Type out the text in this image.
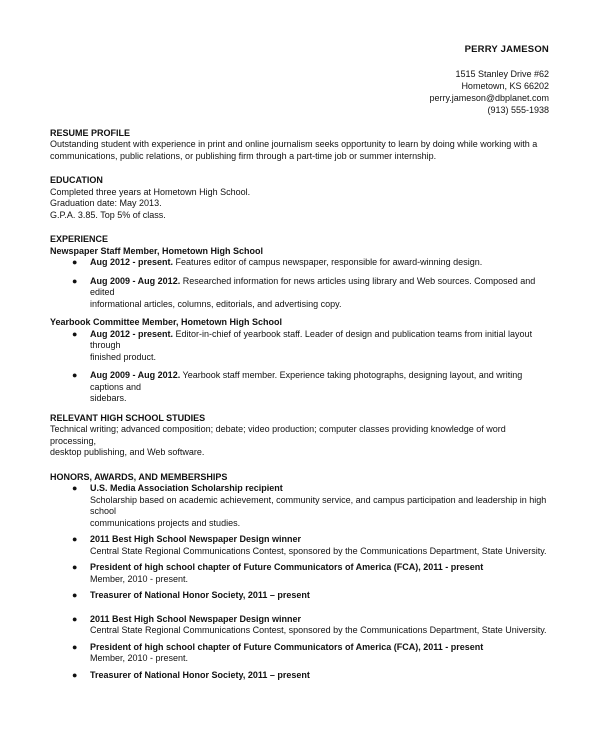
PERRY JAMESON
1515 Stanley Drive #62
Hometown, KS 66202
perry.jameson@dbplanet.com
(913) 555-1938
RESUME PROFILE
Outstanding student with experience in print and online journalism seeks opportunity to learn by doing while working with a
communications, public relations, or publishing firm through a part-time job or summer internship.
EDUCATION
Completed three years at Hometown High School.
Graduation date: May 2013.
G.P.A. 3.85. Top 5% of class.
EXPERIENCE
Newspaper Staff Member, Hometown High School
● Aug 2012 - present. Features editor of campus newspaper, responsible for award-winning design.
● Aug 2009 - Aug 2012. Researched information for news articles using library and Web sources. Composed and edited
informational articles, columns, editorials, and advertising copy.
Yearbook Committee Member, Hometown High School
● Aug 2012 - present. Editor-in-chief of yearbook staff. Leader of design and publication teams from initial layout through
finished product.
● Aug 2009 - Aug 2012. Yearbook staff member. Experience taking photographs, designing layout, and writing captions and
sidebars.
RELEVANT HIGH SCHOOL STUDIES
Technical writing; advanced composition; debate; video production; computer classes providing knowledge of word processing,
desktop publishing, and Web software.
HONORS, AWARDS, AND MEMBERSHIPS
● U.S. Media Association Scholarship recipient
Scholarship based on academic achievement, community service, and campus participation and leadership in high school
communications projects and studies.
● 2011 Best High School Newspaper Design winner
Central State Regional Communications Contest, sponsored by the Communications Department, State University.
● President of high school chapter of Future Communicators of America (FCA), 2011 - present
Member, 2010 - present.
● Treasurer of National Honor Society, 2011 – present
● 2011 Best High School Newspaper Design winner
Central State Regional Communications Contest, sponsored by the Communications Department, State University.
● President of high school chapter of Future Communicators of America (FCA), 2011 - present
Member, 2010 - present.
● Treasurer of National Honor Society, 2011 – present
